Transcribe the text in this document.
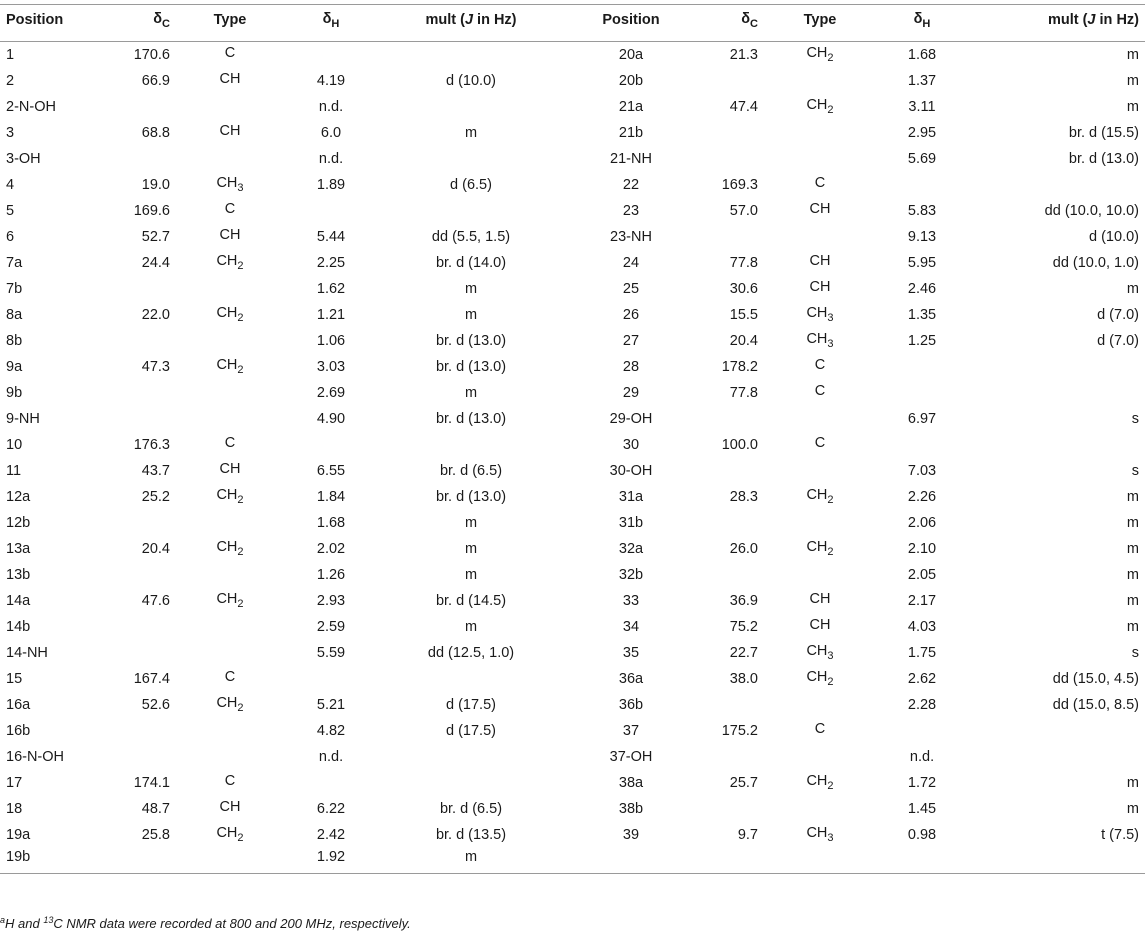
Position	$\delta_C$	Type	$\delta_H$	mult (J in Hz)	Position	$\delta_C$	Type	$\delta_H$	mult (J in Hz)
1	170.6	C			20a	21.3	$CH_2$	1.68	m
2	66.9	CH	4.19	d (10.0)	20b			1.37	m
2-N-OH			n.d.		21a	47.4	$CH_2$	3.11	m
3	68.8	CH	6.0	m	21b			2.95	br. d (15.5)
3-OH			n.d.		21-NH			5.69	br. d (13.0)
4	19.0	$CH_3$	1.89	d (6.5)	22	169.3	C		
5	169.6	C			23	57.0	CH	5.83	dd (10.0, 10.0)
6	52.7	CH	5.44	dd (5.5, 1.5)	23-NH			9.13	d (10.0)
7a	24.4	$CH_2$	2.25	br. d (14.0)	24	77.8	CH	5.95	dd (10.0, 1.0)
7b			1.62	m	25	30.6	CH	2.46	m
8a	22.0	$CH_2$	1.21	m	26	15.5	$CH_3$	1.35	d (7.0)
8b			1.06	br. d (13.0)	27	20.4	$CH_3$	1.25	d (7.0)
9a	47.3	$CH_2$	3.03	br. d (13.0)	28	178.2	C		
9b			2.69	m	29	77.8	C		
9-NH			4.90	br. d (13.0)	29-OH			6.97	s
10	176.3	C			30	100.0	C		
11	43.7	CH	6.55	br. d (6.5)	30-OH			7.03	s
12a	25.2	$CH_2$	1.84	br. d (13.0)	31a	28.3	$CH_2$	2.26	m
12b			1.68	m	31b			2.06	m
13a	20.4	$CH_2$	2.02	m	32a	26.0	$CH_2$	2.10	m
13b			1.26	m	32b			2.05	m
14a	47.6	$CH_2$	2.93	br. d (14.5)	33	36.9	CH	2.17	m
14b			2.59	m	34	75.2	CH	4.03	m
14-NH			5.59	dd (12.5, 1.0)	35	22.7	$CH_3$	1.75	s
15	167.4	C			36a	38.0	$CH_2$	2.62	dd (15.0, 4.5)
16a	52.6	$CH_2$	5.21	d (17.5)	36b			2.28	dd (15.0, 8.5)
16b			4.82	d (17.5)	37	175.2	C		
16-N-OH			n.d.		37-OH			n.d.	
17	174.1	C			38a	25.7	$CH_2$	1.72	m
18	48.7	CH	6.22	br. d (6.5)	38b			1.45	m
19a	25.8	$CH_2$	2.42	br. d (13.5)	39	9.7	$CH_3$	0.98	t (7.5)
19b			1.92	m					
$^a$H and $^{13}$C NMR data were recorded at 800 and 200 MHz, respectively.
